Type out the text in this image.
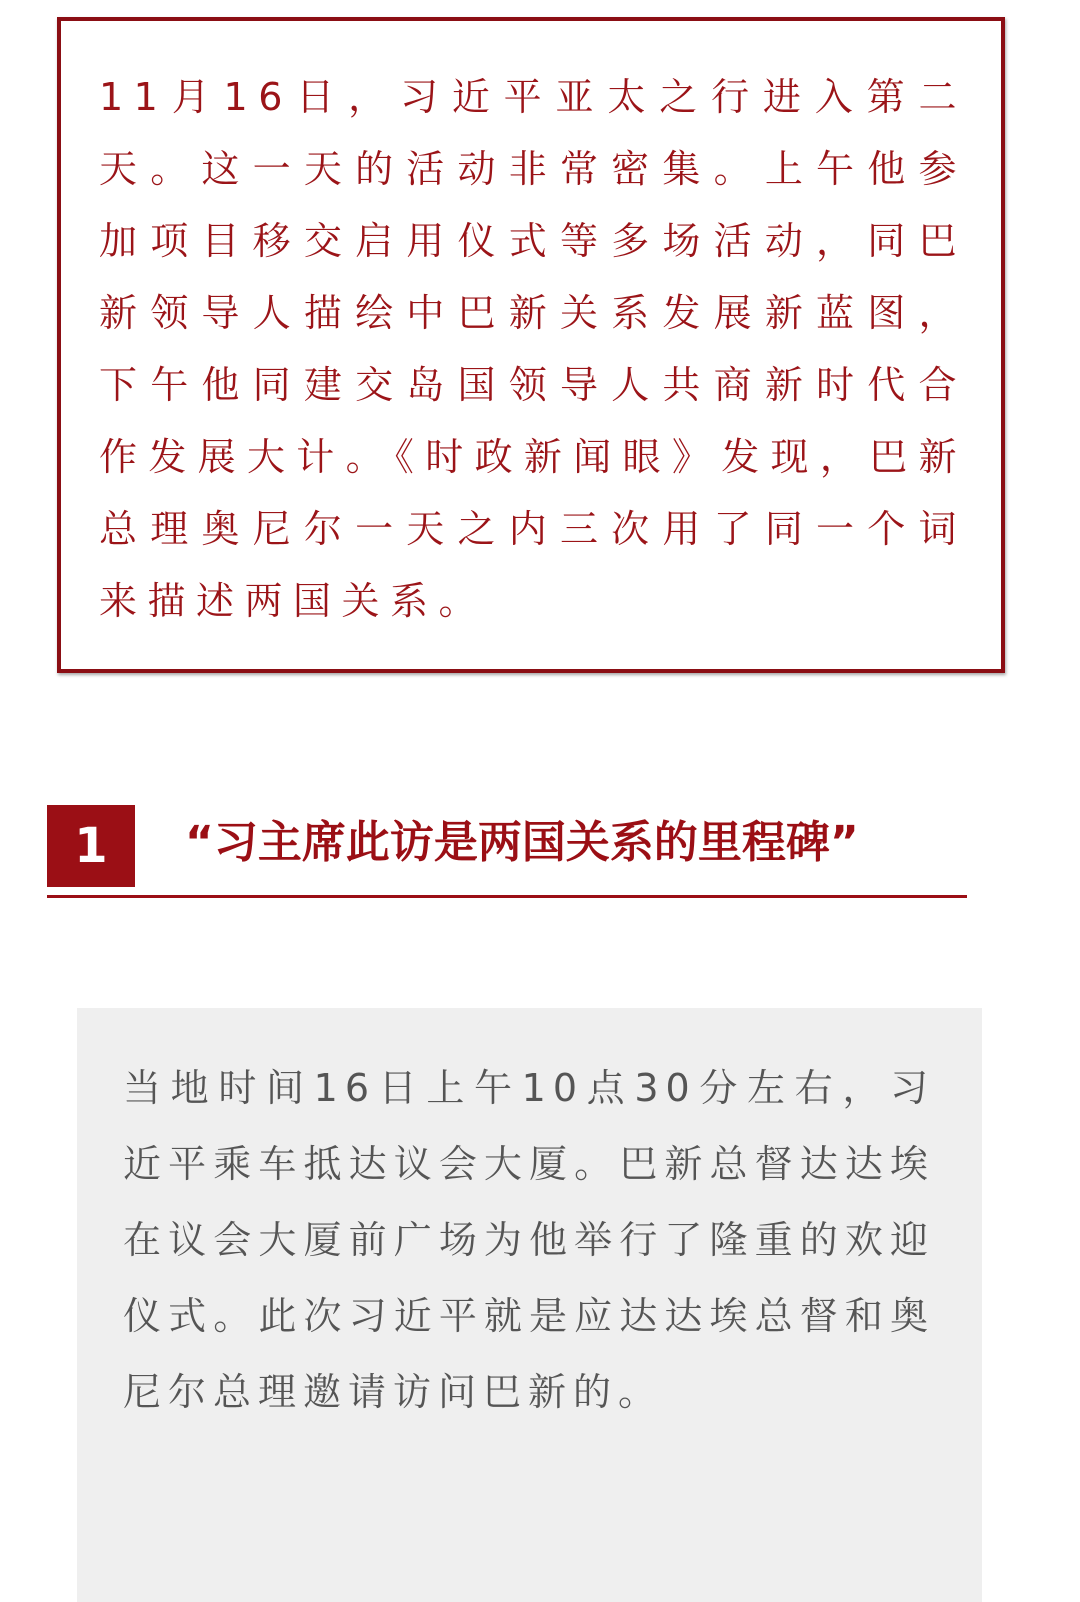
11月16日，习近平亚太之行进入第二天。这一天的活动非常密集。上午他参加项目移交启用仪式等多场活动，同巴新领导人描绘中巴新关系发展新蓝图，下午他同建交岛国领导人共商新时代合作发展大计。《时政新闻眼》发现，巴新总理奥尼尔一天之内三次用了同一个词来描述两国关系。

1	“习主席此访是两国关系的里程碑”

当地时间16日上午10点30分左右，习近平乘车抵达议会大厦。巴新总督达达埃在议会大厦前广场为他举行了隆重的欢迎仪式。此次习近平就是应达达埃总督和奥尼尔总理邀请访问巴新的。
